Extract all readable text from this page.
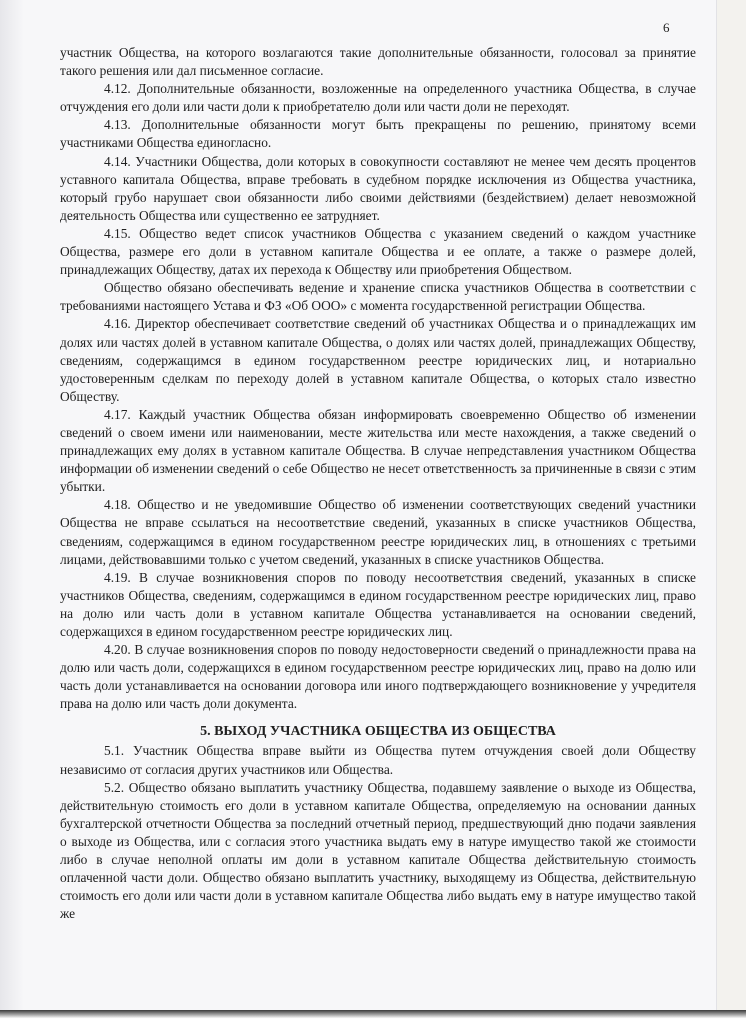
6

участник Общества, на которого возлагаются такие дополнительные обязанности, голосовал за принятие такого решения или дал письменное согласие.

4.12. Дополнительные обязанности, возложенные на определенного участника Общества, в случае отчуждения его доли или части доли к приобретателю доли или части доли не переходят.

4.13. Дополнительные обязанности могут быть прекращены по решению, принятому всеми участниками Общества единогласно.

4.14. Участники Общества, доли которых в совокупности составляют не менее чем десять процентов уставного капитала Общества, вправе требовать в судебном порядке исключения из Общества участника, который грубо нарушает свои обязанности либо своими действиями (бездействием) делает невозможной деятельность Общества или существенно ее затрудняет.

4.15. Общество ведет список участников Общества с указанием сведений о каждом участнике Общества, размере его доли в уставном капитале Общества и ее оплате, а также о размере долей, принадлежащих Обществу, датах их перехода к Обществу или приобретения Обществом.

Общество обязано обеспечивать ведение и хранение списка участников Общества в соответствии с требованиями настоящего Устава и ФЗ «Об ООО» с момента государственной регистрации Общества.

4.16. Директор обеспечивает соответствие сведений об участниках Общества и о принадлежащих им долях или частях долей в уставном капитале Общества, о долях или частях долей, принадлежащих Обществу, сведениям, содержащимся в едином государственном реестре юридических лиц, и нотариально удостоверенным сделкам по переходу долей в уставном капитале Общества, о которых стало известно Обществу.

4.17. Каждый участник Общества обязан информировать своевременно Общество об изменении сведений о своем имени или наименовании, месте жительства или месте нахождения, а также сведений о принадлежащих ему долях в уставном капитале Общества. В случае непредставления участником Общества информации об изменении сведений о себе Общество не несет ответственность за причиненные в связи с этим убытки.

4.18. Общество и не уведомившие Общество об изменении соответствующих сведений участники Общества не вправе ссылаться на несоответствие сведений, указанных в списке участников Общества, сведениям, содержащимся в едином государственном реестре юридических лиц, в отношениях с третьими лицами, действовавшими только с учетом сведений, указанных в списке участников Общества.

4.19. В случае возникновения споров по поводу несоответствия сведений, указанных в списке участников Общества, сведениям, содержащимся в едином государственном реестре юридических лиц, право на долю или часть доли в уставном капитале Общества устанавливается на основании сведений, содержащихся в едином государственном реестре юридических лиц.

4.20. В случае возникновения споров по поводу недостоверности сведений о принадлежности права на долю или часть доли, содержащихся в едином государственном реестре юридических лиц, право на долю или часть доли устанавливается на основании договора или иного подтверждающего возникновение у учредителя права на долю или часть доли документа.

5. ВЫХОД УЧАСТНИКА ОБЩЕСТВА ИЗ ОБЩЕСТВА

5.1. Участник Общества вправе выйти из Общества путем отчуждения своей доли Обществу независимо от согласия других участников или Общества.

5.2. Общество обязано выплатить участнику Общества, подавшему заявление о выходе из Общества, действительную стоимость его доли в уставном капитале Общества, определяемую на основании данных бухгалтерской отчетности Общества за последний отчетный период, предшествующий дню подачи заявления о выходе из Общества, или с согласия этого участника выдать ему в натуре имущество такой же стоимости либо в случае неполной оплаты им доли в уставном капитале Общества действительную стоимость оплаченной части доли. Общество обязано выплатить участнику, выходящему из Общества, действительную стоимость его доли или части доли в уставном капитале Общества либо выдать ему в натуре имущество такой же
